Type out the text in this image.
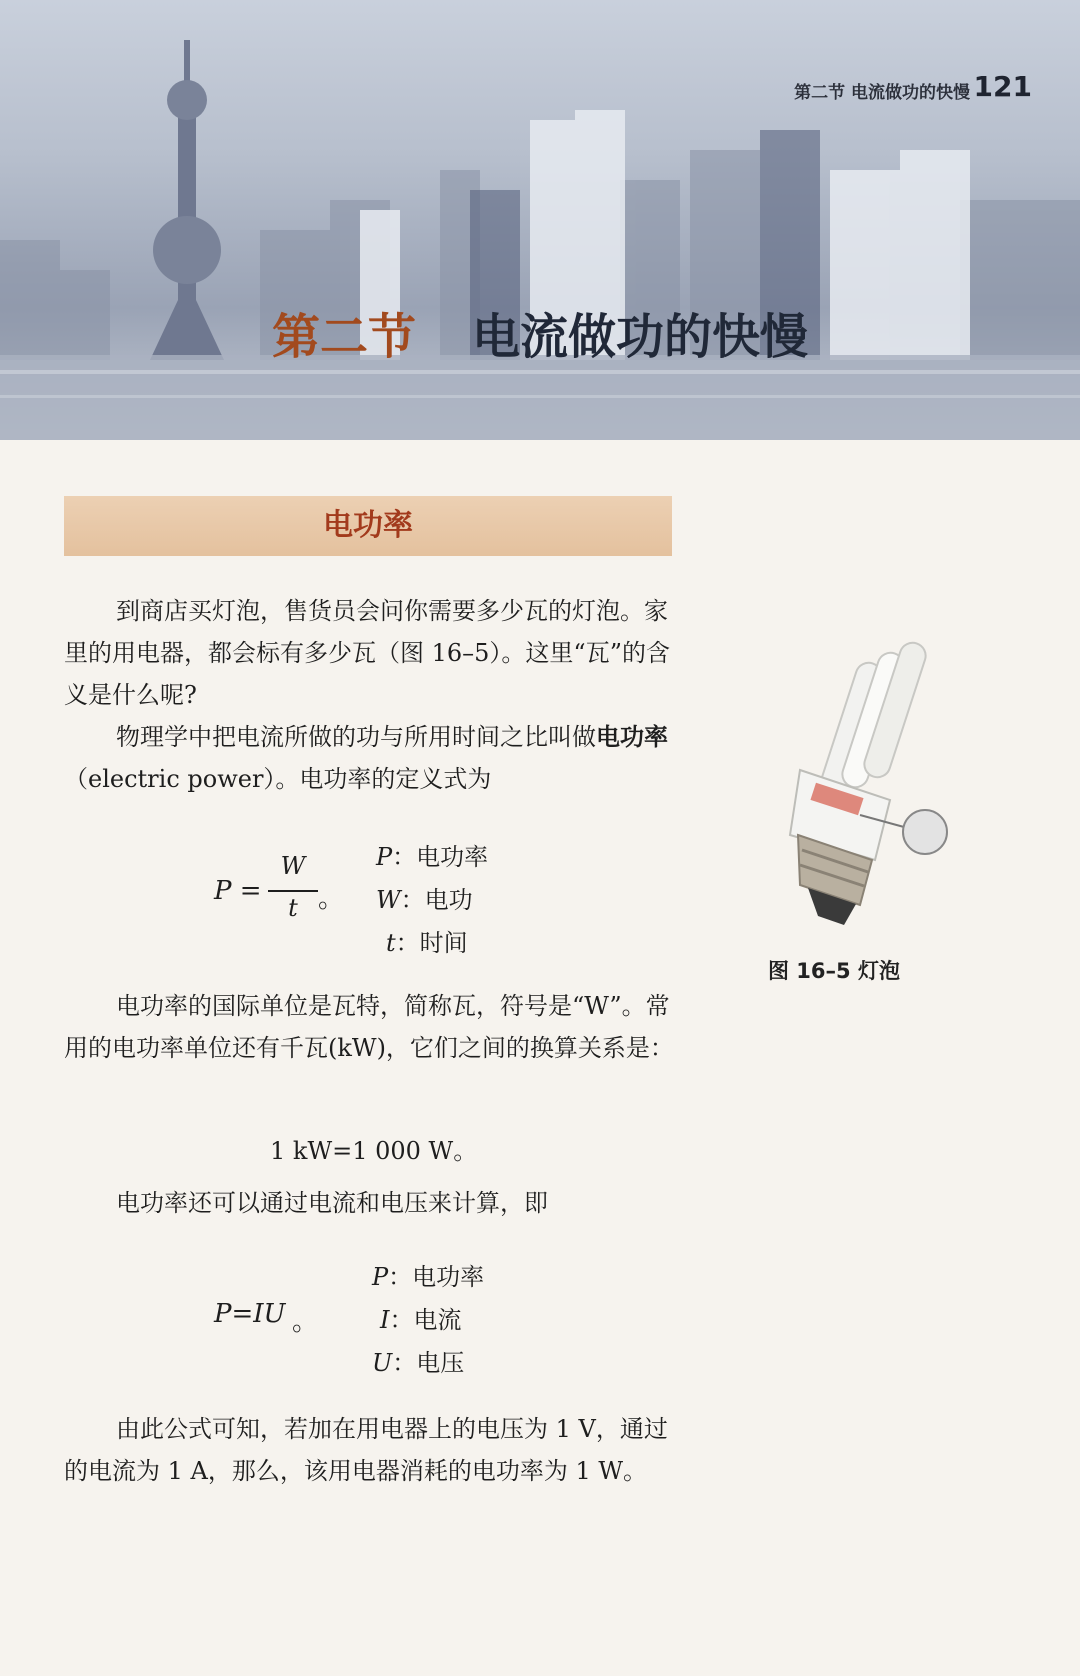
第二节 电流做功的快慢 121
第二节 电流做功的快慢
电功率

到商店买灯泡，售货员会问你需要多少瓦的灯泡。家里的用电器，都会标有多少瓦（图 16–5）。这里“瓦”的含义是什么呢?

物理学中把电流所做的功与所用时间之比叫做电功率（electric power）。电功率的定义式为

P =
W
t 。
P：电功率
W：电功
t：时间

电功率的国际单位是瓦特，简称瓦，符号是“W”。常用的电功率单位还有千瓦(kW)，它们之间的换算关系是：

1 kW=1 000 W。

电功率还可以通过电流和电压来计算，即

P=IU 。
P：电功率
I：电流
U：电压

由此公式可知，若加在用电器上的电压为 1 V，通过的电流为 1 A，那么，该用电器消耗的电功率为 1 W。

图 16–5 灯泡
